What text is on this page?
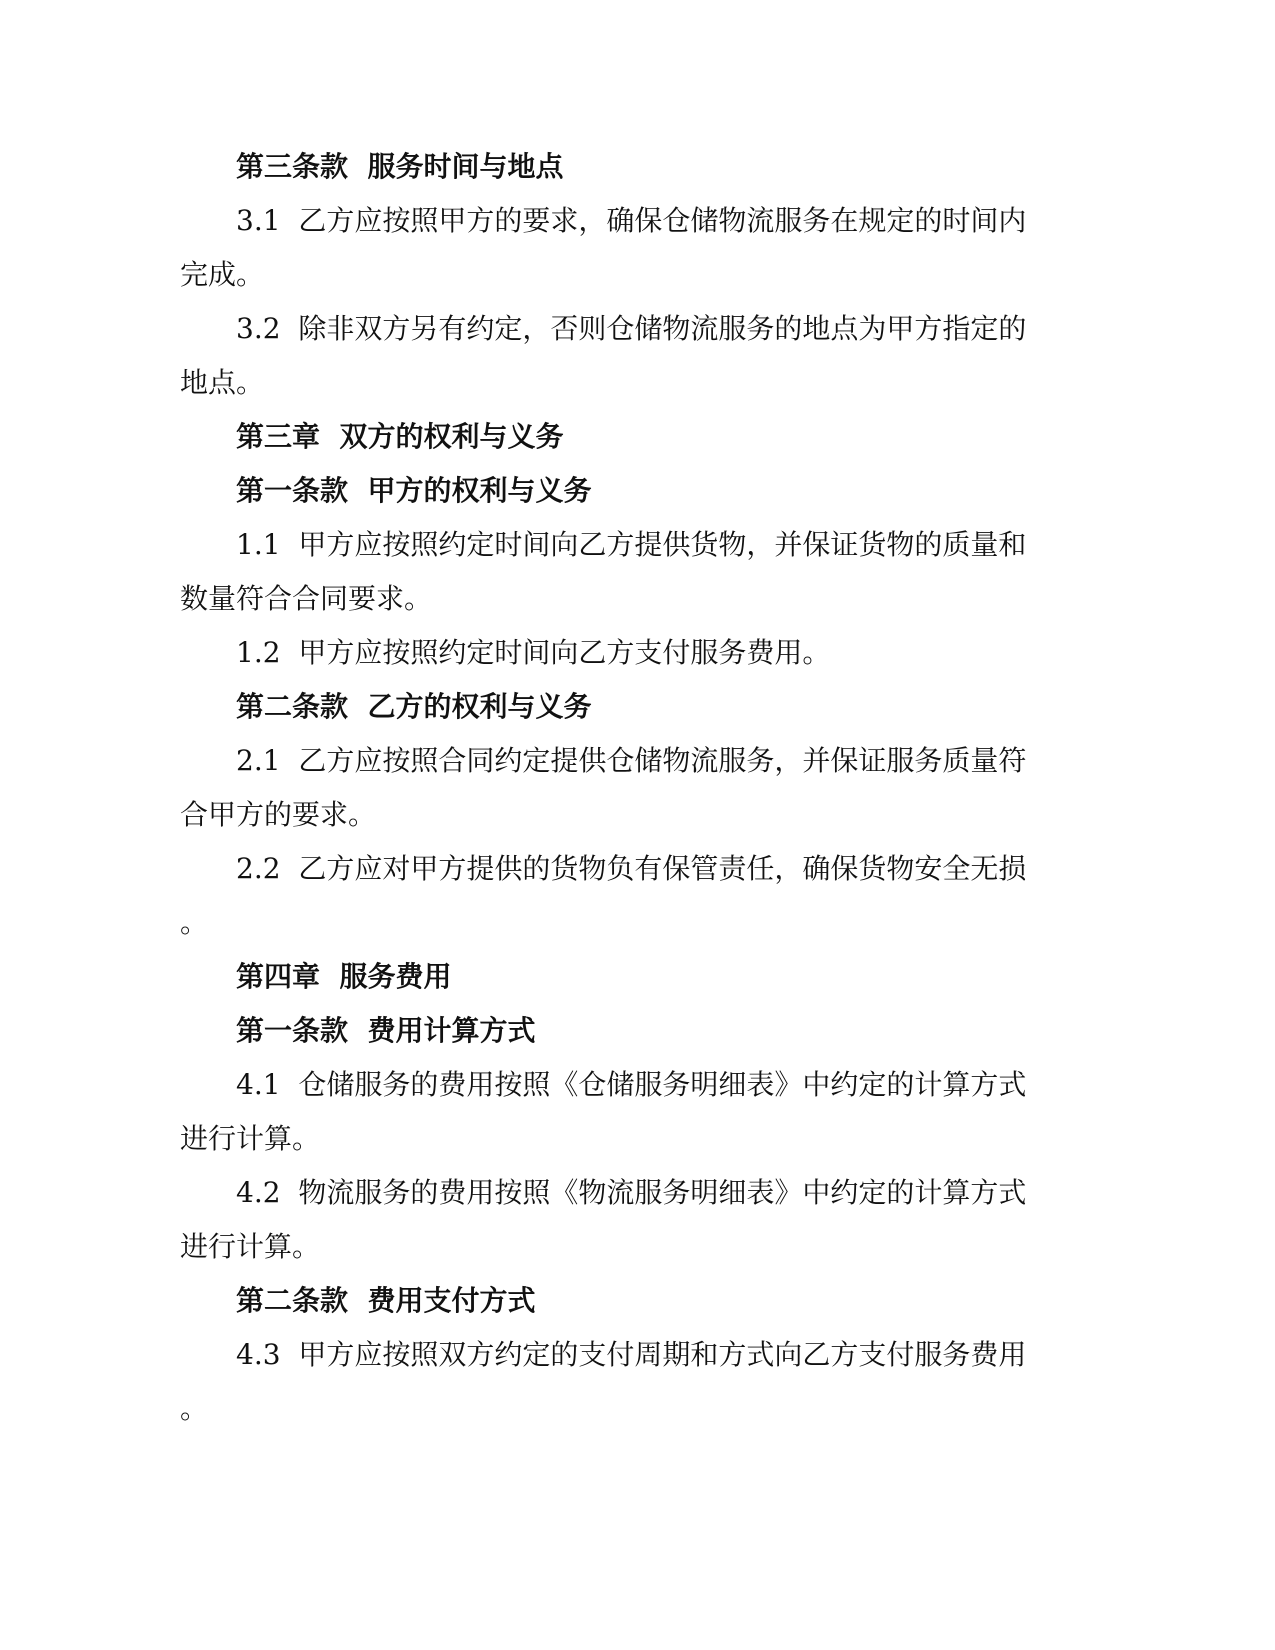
第三条款  服务时间与地点
3.1  乙方应按照甲方的要求，确保仓储物流服务在规定的时间内
完成。
3.2  除非双方另有约定，否则仓储物流服务的地点为甲方指定的
地点。
第三章  双方的权利与义务
第一条款  甲方的权利与义务
1.1  甲方应按照约定时间向乙方提供货物，并保证货物的质量和
数量符合合同要求。
1.2  甲方应按照约定时间向乙方支付服务费用。
第二条款  乙方的权利与义务
2.1  乙方应按照合同约定提供仓储物流服务，并保证服务质量符
合甲方的要求。
2.2  乙方应对甲方提供的货物负有保管责任，确保货物安全无损
。
第四章  服务费用
第一条款  费用计算方式
4.1  仓储服务的费用按照《仓储服务明细表》中约定的计算方式
进行计算。
4.2  物流服务的费用按照《物流服务明细表》中约定的计算方式
进行计算。
第二条款  费用支付方式
4.3  甲方应按照双方约定的支付周期和方式向乙方支付服务费用
。
